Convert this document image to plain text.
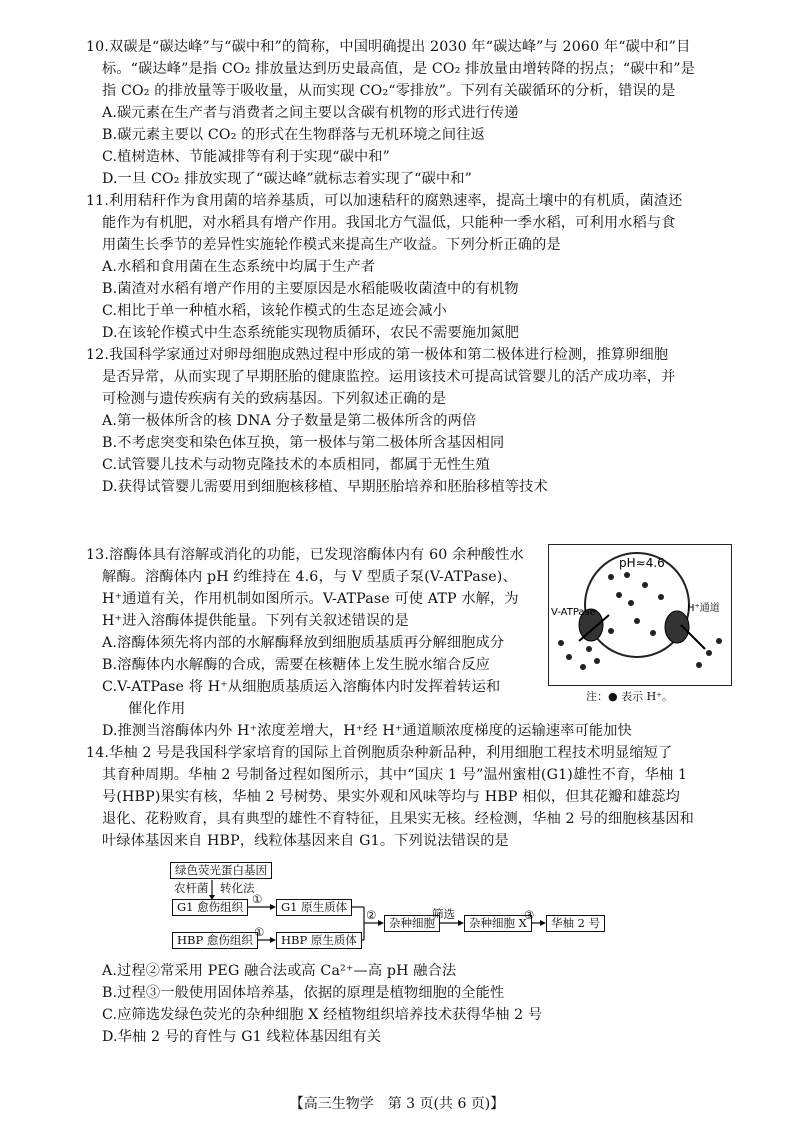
10.双碳是“碳达峰”与“碳中和”的简称，中国明确提出 2030 年“碳达峰”与 2060 年“碳中和”目
标。“碳达峰”是指 CO₂ 排放量达到历史最高值，是 CO₂ 排放量由增转降的拐点；“碳中和”是
指 CO₂ 的排放量等于吸收量，从而实现 CO₂“零排放”。下列有关碳循环的分析，错误的是
A.碳元素在生产者与消费者之间主要以含碳有机物的形式进行传递
B.碳元素主要以 CO₂ 的形式在生物群落与无机环境之间往返
C.植树造林、节能减排等有利于实现“碳中和”
D.一旦 CO₂ 排放实现了“碳达峰”就标志着实现了“碳中和”
11.利用秸秆作为食用菌的培养基质，可以加速秸秆的腐熟速率，提高土壤中的有机质，菌渣还
能作为有机肥，对水稻具有增产作用。我国北方气温低，只能种一季水稻，可利用水稻与食
用菌生长季节的差异性实施轮作模式来提高生产收益。下列分析正确的是
A.水稻和食用菌在生态系统中均属于生产者
B.菌渣对水稻有增产作用的主要原因是水稻能吸收菌渣中的有机物
C.相比于单一种植水稻，该轮作模式的生态足迹会减小
D.在该轮作模式中生态系统能实现物质循环，农民不需要施加氮肥
12.我国科学家通过对卵母细胞成熟过程中形成的第一极体和第二极体进行检测，推算卵细胞
是否异常，从而实现了早期胚胎的健康监控。运用该技术可提高试管婴儿的活产成功率，并
可检测与遗传疾病有关的致病基因。下列叙述正确的是
A.第一极体所含的核 DNA 分子数量是第二极体所含的两倍
B.不考虑突变和染色体互换，第一极体与第二极体所含基因相同
C.试管婴儿技术与动物克隆技术的本质相同，都属于无性生殖
D.获得试管婴儿需要用到细胞核移植、早期胚胎培养和胚胎移植等技术
13.溶酶体具有溶解或消化的功能，已发现溶酶体内有 60 余种酸性水
解酶。溶酶体内 pH 约维持在 4.6，与 V 型质子泵(V-ATPase)、
H⁺通道有关，作用机制如图所示。V-ATPase 可使 ATP 水解，为
H⁺进入溶酶体提供能量。下列有关叙述错误的是
A.溶酶体须先将内部的水解酶释放到细胞质基质再分解细胞成分
B.溶酶体内水解酶的合成，需要在核糖体上发生脱水缩合反应
C.V-ATPase 将 H⁺从细胞质基质运入溶酶体内时发挥着转运和
催化作用
D.推测当溶酶体内外 H⁺浓度差增大，H⁺经 H⁺通道顺浓度梯度的运输速率可能加快
pH≈4.6
V-ATPase	H⁺通道
注：● 表示 H⁺。
14.华柚 2 号是我国科学家培育的国际上首例胞质杂种新品种，利用细胞工程技术明显缩短了
其育种周期。华柚 2 号制备过程如图所示，其中“国庆 1 号”温州蜜柑(G1)雄性不育，华柚 1
号(HBP)果实有核，华柚 2 号树势、果实外观和风味等均与 HBP 相似，但其花瓣和雄蕊均
退化、花粉败育，具有典型的雄性不育特征，且果实无核。经检测，华柚 2 号的细胞核基因和
叶绿体基因来自 HBP，线粒体基因来自 G1。下列说法错误的是
绿色荧光蛋白基因
农杆菌 转化法
G1 愈伤组织
①
G1 原生质体
HBP 愈伤组织
①
HBP 原生质体
②
杂种细胞
筛选
杂种细胞 X
③
华柚 2 号
A.过程②常采用 PEG 融合法或高 Ca²⁺—高 pH 融合法
B.过程③一般使用固体培养基，依据的原理是植物细胞的全能性
C.应筛选发绿色荧光的杂种细胞 X 经植物组织培养技术获得华柚 2 号
D.华柚 2 号的育性与 G1 线粒体基因组有关
【高三生物学　第 3 页(共 6 页)】
